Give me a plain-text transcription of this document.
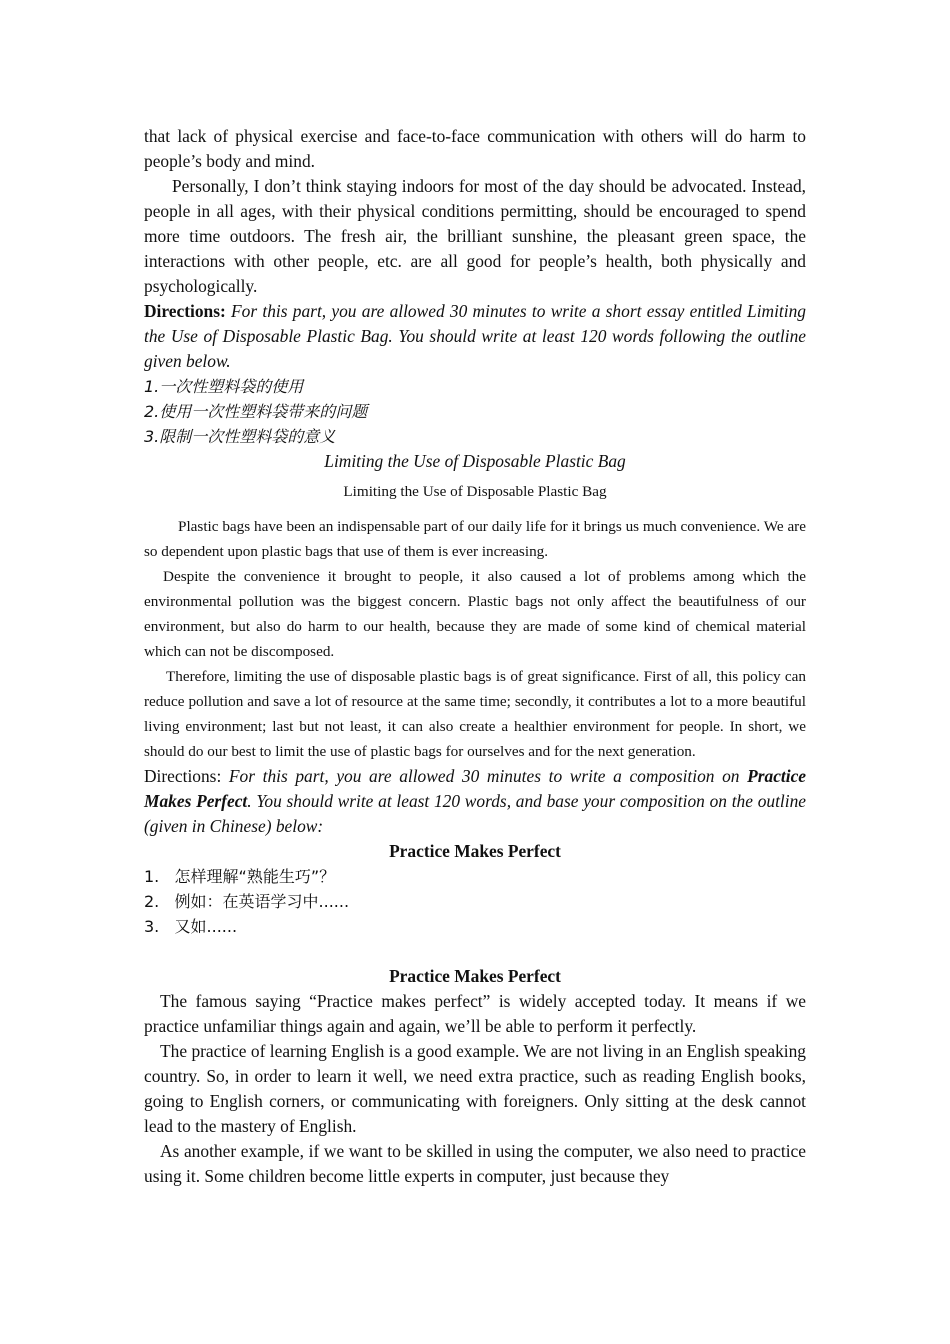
that lack of physical exercise and face-to-face communication with others will do harm to people’s body and mind.

Personally, I don’t think staying indoors for most of the day should be advocated. Instead, people in all ages, with their physical conditions permitting, should be encouraged to spend more time outdoors. The fresh air, the brilliant sunshine, the pleasant green space, the interactions with other people, etc. are all good for people’s health, both physically and psychologically.

Directions: For this part, you are allowed 30 minutes to write a short essay entitled Limiting the Use of Disposable Plastic Bag. You should write at least 120 words following the outline given below.

1.一次性塑料袋的使用

2.使用一次性塑料袋带来的问题

3.限制一次性塑料袋的意义

Limiting the Use of Disposable Plastic Bag

Limiting the Use of Disposable Plastic Bag

Plastic bags have been an indispensable part of our daily life for it brings us much convenience. We are so dependent upon plastic bags that use of them is ever increasing.

Despite the convenience it brought to people, it also caused a lot of problems among which the environmental pollution was the biggest concern. Plastic bags not only affect the beautifulness of our environment, but also do harm to our health, because they are made of some kind of chemical material which can not be discomposed.

Therefore, limiting the use of disposable plastic bags is of great significance. First of all, this policy can reduce pollution and save a lot of resource at the same time; secondly, it contributes a lot to a more beautiful living environment; last but not least, it can also create a healthier environment for people. In short, we should do our best to limit the use of plastic bags for ourselves and for the next generation.

Directions: For this part, you are allowed 30 minutes to write a composition on Practice Makes Perfect. You should write at least 120 words, and base your composition on the outline (given in Chinese) below:

Practice Makes Perfect

1.   怎样理解“熟能生巧”？

2.   例如：在英语学习中......

3.   又如......

Practice Makes Perfect

The famous saying “Practice makes perfect” is widely accepted today. It means if we practice unfamiliar things again and again, we’ll be able to perform it perfectly.

The practice of learning English is a good example. We are not living in an English speaking country. So, in order to learn it well, we need extra practice, such as reading English books, going to English corners, or communicating with foreigners. Only sitting at the desk cannot lead to the mastery of English.

As another example, if we want to be skilled in using the computer, we also need to practice using it. Some children become little experts in computer, just because they
